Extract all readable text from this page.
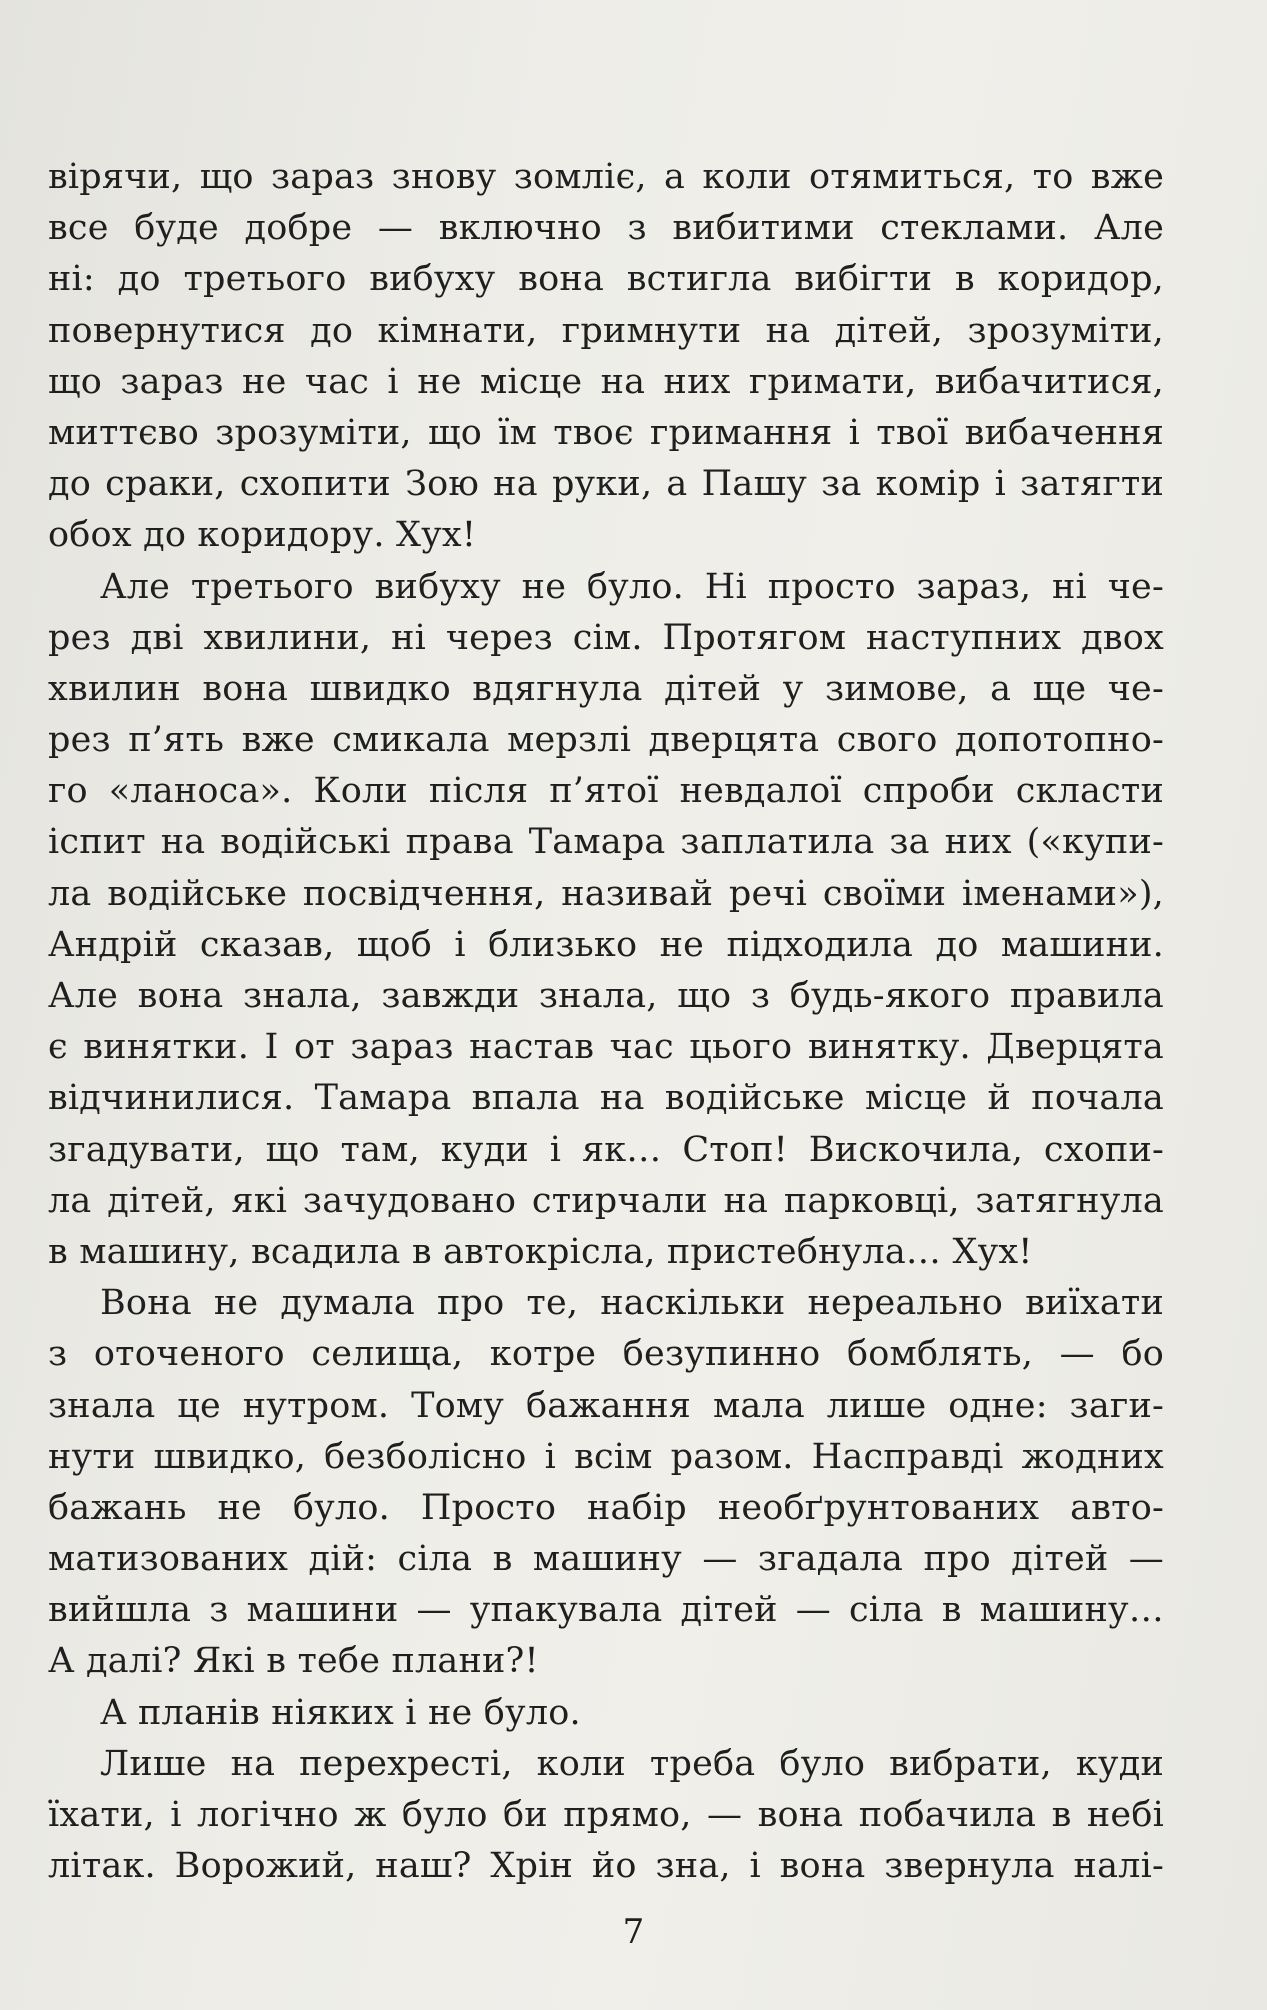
вірячи, що зараз знову зомліє, а коли отямиться, то вже
все буде добре — включно з вибитими стеклами. Але
ні: до третього вибуху вона встигла вибігти в коридор,
повернутися до кімнати, гримнути на дітей, зрозуміти,
що зараз не час і не місце на них гримати, вибачитися,
миттєво зрозуміти, що їм твоє гримання і твої вибачення
до сраки, схопити Зою на руки, а Пашу за комір і затягти
обох до коридору. Хух!
Але третього вибуху не було. Ні просто зараз, ні че-
рез дві хвилини, ні через сім. Протягом наступних двох
хвилин вона швидко вдягнула дітей у зимове, а ще че-
рез п’ять вже смикала мерзлі дверцята свого допотопно-
го «ланоса». Коли після п’ятої невдалої спроби скласти
іспит на водійські права Тамара заплатила за них («купи-
ла водійське посвідчення, називай речі своїми іменами»),
Андрій сказав, щоб і близько не підходила до машини.
Але вона знала, завжди знала, що з будь-якого правила
є винятки. І от зараз настав час цього винятку. Дверцята
відчинилися. Тамара впала на водійське місце й почала
згадувати, що там, куди і як… Стоп! Вискочила, схопи-
ла дітей, які зачудовано стирчали на парковці, затягнула
в машину, всадила в автокрісла, пристебнула… Хух!
Вона не думала про те, наскільки нереально виїхати
з оточеного селища, котре безупинно бомблять, — бо
знала це нутром. Тому бажання мала лише одне: заги-
нути швидко, безболісно і всім разом. Насправді жодних
бажань не було. Просто набір необґрунтованих авто-
матизованих дій: сіла в машину — згадала про дітей —
вийшла з машини — упакувала дітей — сіла в машину…
А далі? Які в тебе плани?!
А планів ніяких і не було.
Лише на перехресті, коли треба було вибрати, куди
їхати, і логічно ж було би прямо, — вона побачила в небі
літак. Ворожий, наш? Хрін йо зна, і вона звернула налі-
7
